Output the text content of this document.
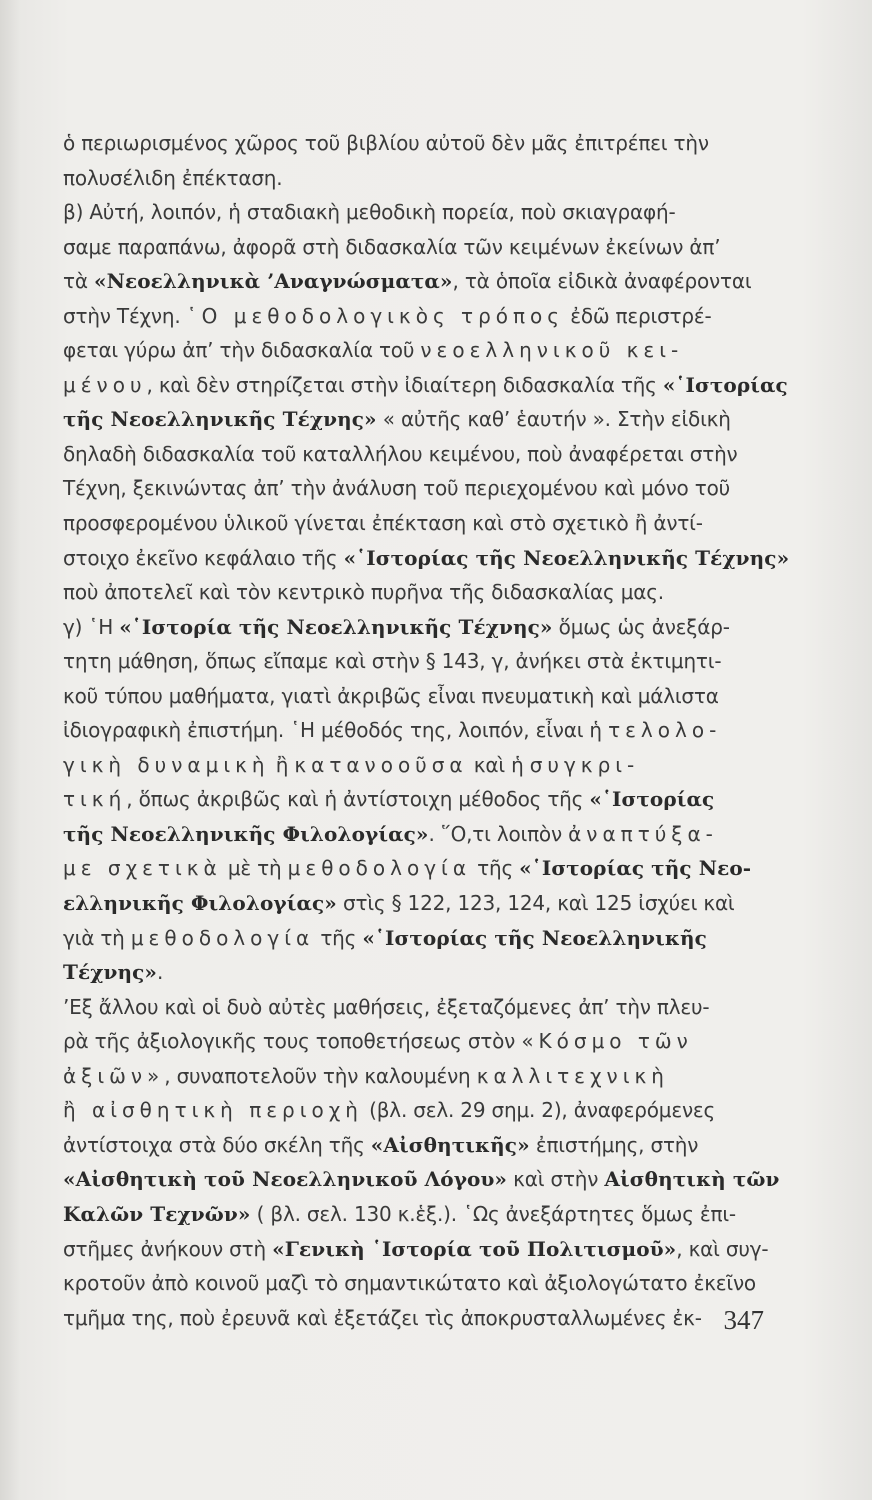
ὁ περιωρισμένος χῶρος τοῦ βιβλίου αὐτοῦ δὲν μᾶς ἐπιτρέπει τὴν
πολυσέλιδη ἐπέκταση.
β) Αὐτή, λοιπόν, ἡ σταδιακὴ μεθοδικὴ πορεία, ποὺ σκιαγραφή-
σαμε παραπάνω, ἀφορᾶ στὴ διδασκαλία τῶν κειμένων ἐκείνων ἀπ’
τὰ «Νεοελληνικὰ ’Αναγνώσματα», τὰ ὁποῖα εἰδικὰ ἀναφέρονται
στὴν Τέχνη. ῾Ο μεθοδολογικὸς τρόπος ἐδῶ περιστρέ-
φεται γύρω ἀπ’ τὴν διδασκαλία τοῦ νεοελληνικοῦ κει-
μένου, καὶ δὲν στηρίζεται στὴν ἰδιαίτερη διδασκαλία τῆς «῾Ιστορίας
τῆς Νεοελληνικῆς Τέχνης» « αὐτῆς καθ’ ἑαυτήν ». Στὴν εἰδικὴ
δηλαδὴ διδασκαλία τοῦ καταλλήλου κειμένου, ποὺ ἀναφέρεται στὴν
Τέχνη, ξεκινώντας ἀπ’ τὴν ἀνάλυση τοῦ περιεχομένου καὶ μόνο τοῦ
προσφερομένου ὑλικοῦ γίνεται ἐπέκταση καὶ στὸ σχετικὸ ἢ ἀντί-
στοιχο ἐκεῖνο κεφάλαιο τῆς «῾Ιστορίας τῆς Νεοελληνικῆς Τέχνης»
ποὺ ἀποτελεῖ καὶ τὸν κεντρικὸ πυρῆνα τῆς διδασκαλίας μας.
γ) ῾Η «῾Ιστορία τῆς Νεοελληνικῆς Τέχνης» ὅμως ὡς ἀνεξάρ-
τητη μάθηση, ὅπως εἴπαμε καὶ στὴν § 143, γ, ἀνήκει στὰ ἐκτιμητι-
κοῦ τύπου μαθήματα, γιατὶ ἀκριβῶς εἶναι πνευματικὴ καὶ μάλιστα
ἰδιογραφικὴ ἐπιστήμη. ῾Η μέθοδός της, λοιπόν, εἶναι ἡ τελολο-
γικὴ δυναμικὴ ἢ κατανοοῦσα καὶ ἡ συγκρι-
τική, ὅπως ἀκριβῶς καὶ ἡ ἀντίστοιχη μέθοδος τῆς «῾Ιστορίας
τῆς Νεοελληνικῆς Φιλολογίας». ῞Ο,τι λοιπὸν ἀναπτύξα-
με σχετικὰ μὲ τὴ μεθοδολογία τῆς «῾Ιστορίας τῆς Νεο-
ελληνικῆς Φιλολογίας» στὶς § 122, 123, 124, καὶ 125 ἰσχύει καὶ
γιὰ τὴ μεθοδολογία τῆς «῾Ιστορίας τῆς Νεοελληνικῆς
Τέχνης».
’Εξ ἄλλου καὶ οἱ δυὸ αὐτὲς μαθήσεις, ἐξεταζόμενες ἀπ’ τὴν πλευ-
ρὰ τῆς ἀξιολογικῆς τους τοποθετήσεως στὸν «Κόσμο τῶν
ἀξιῶν», συναποτελοῦν τὴν καλουμένη καλλιτεχνικὴ
ἢ αἰσθητικὴ περιοχὴ (βλ. σελ. 29 σημ. 2), ἀναφερόμενες
ἀντίστοιχα στὰ δύο σκέλη τῆς «Αἰσθητικῆς» ἐπιστήμης, στὴν
«Αἰσθητικὴ τοῦ Νεοελληνικοῦ Λόγου» καὶ στὴν Αἰσθητικὴ τῶν
Καλῶν Τεχνῶν» ( βλ. σελ. 130 κ.ἑξ.). ῾Ως ἀνεξάρτητες ὅμως ἐπι-
στῆμες ἀνήκουν στὴ «Γενικὴ ῾Ιστορία τοῦ Πολιτισμοῦ», καὶ συγ-
κροτοῦν ἀπὸ κοινοῦ μαζὶ τὸ σημαντικώτατο καὶ ἀξιολογώτατο ἐκεῖνο
τμῆμα της, ποὺ ἐρευνᾶ καὶ ἐξετάζει τὶς ἀποκρυσταλλωμένες ἐκ- 347
